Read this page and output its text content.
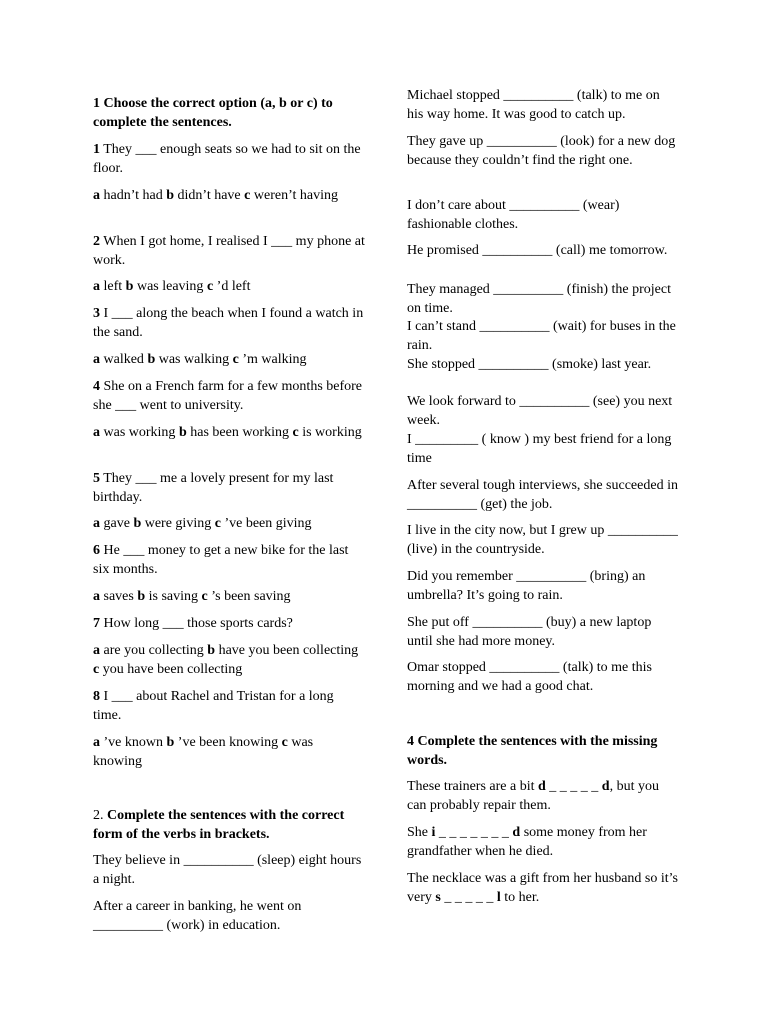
1 Choose the correct option (a, b or c) to complete the sentences.

1 They ___ enough seats so we had to sit on the floor.

a hadn’t had b didn’t have c weren’t having

2 When I got home, I realised I ___ my phone at work.

a left b was leaving c ’d left

3 I ___ along the beach when I found a watch in the sand.

a walked b was walking c ’m walking

4 She on a French farm for a few months before she ___ went to university.

a was working b has been working c is working

5 They ___ me a lovely present for my last birthday.

a gave b were giving c ’ve been giving

6 He ___ money to get a new bike for the last six months.

a saves b is saving c ’s been saving

7 How long ___ those sports cards?

a are you collecting b have you been collecting c you have been collecting

8 I ___ about Rachel and Tristan for a long time.

a ’ve known b ’ve been knowing c was knowing

2. Complete the sentences with the correct form of the verbs in brackets.

They believe in __________ (sleep) eight hours a night.

After a career in banking, he went on __________ (work) in education.

Michael stopped __________ (talk) to me on his way home. It was good to catch up.

They gave up __________ (look) for a new dog because they couldn’t find the right one.

I don’t care about __________ (wear) fashionable clothes.

He promised __________ (call) me tomorrow.

They managed __________ (finish) the project on time.

I can’t stand __________ (wait) for buses in the rain.

She stopped __________ (smoke) last year.

We look forward to __________ (see) you next week.

I _________ ( know ) my best friend for a long time

After several tough interviews, she succeeded in __________ (get) the job.

I live in the city now, but I grew up __________ (live) in the countryside.

Did you remember __________ (bring) an umbrella? It’s going to rain.

She put off __________ (buy) a new laptop until she had more money.

Omar stopped __________ (talk) to me this morning and we had a good chat.

4 Complete the sentences with the missing words.

These trainers are a bit d _ _ _ _ _ d, but you can probably repair them.

She i _ _ _ _ _ _ _ d some money from her grandfather when he died.

The necklace was a gift from her husband so it’s very s _ _ _ _ _ l to her.
